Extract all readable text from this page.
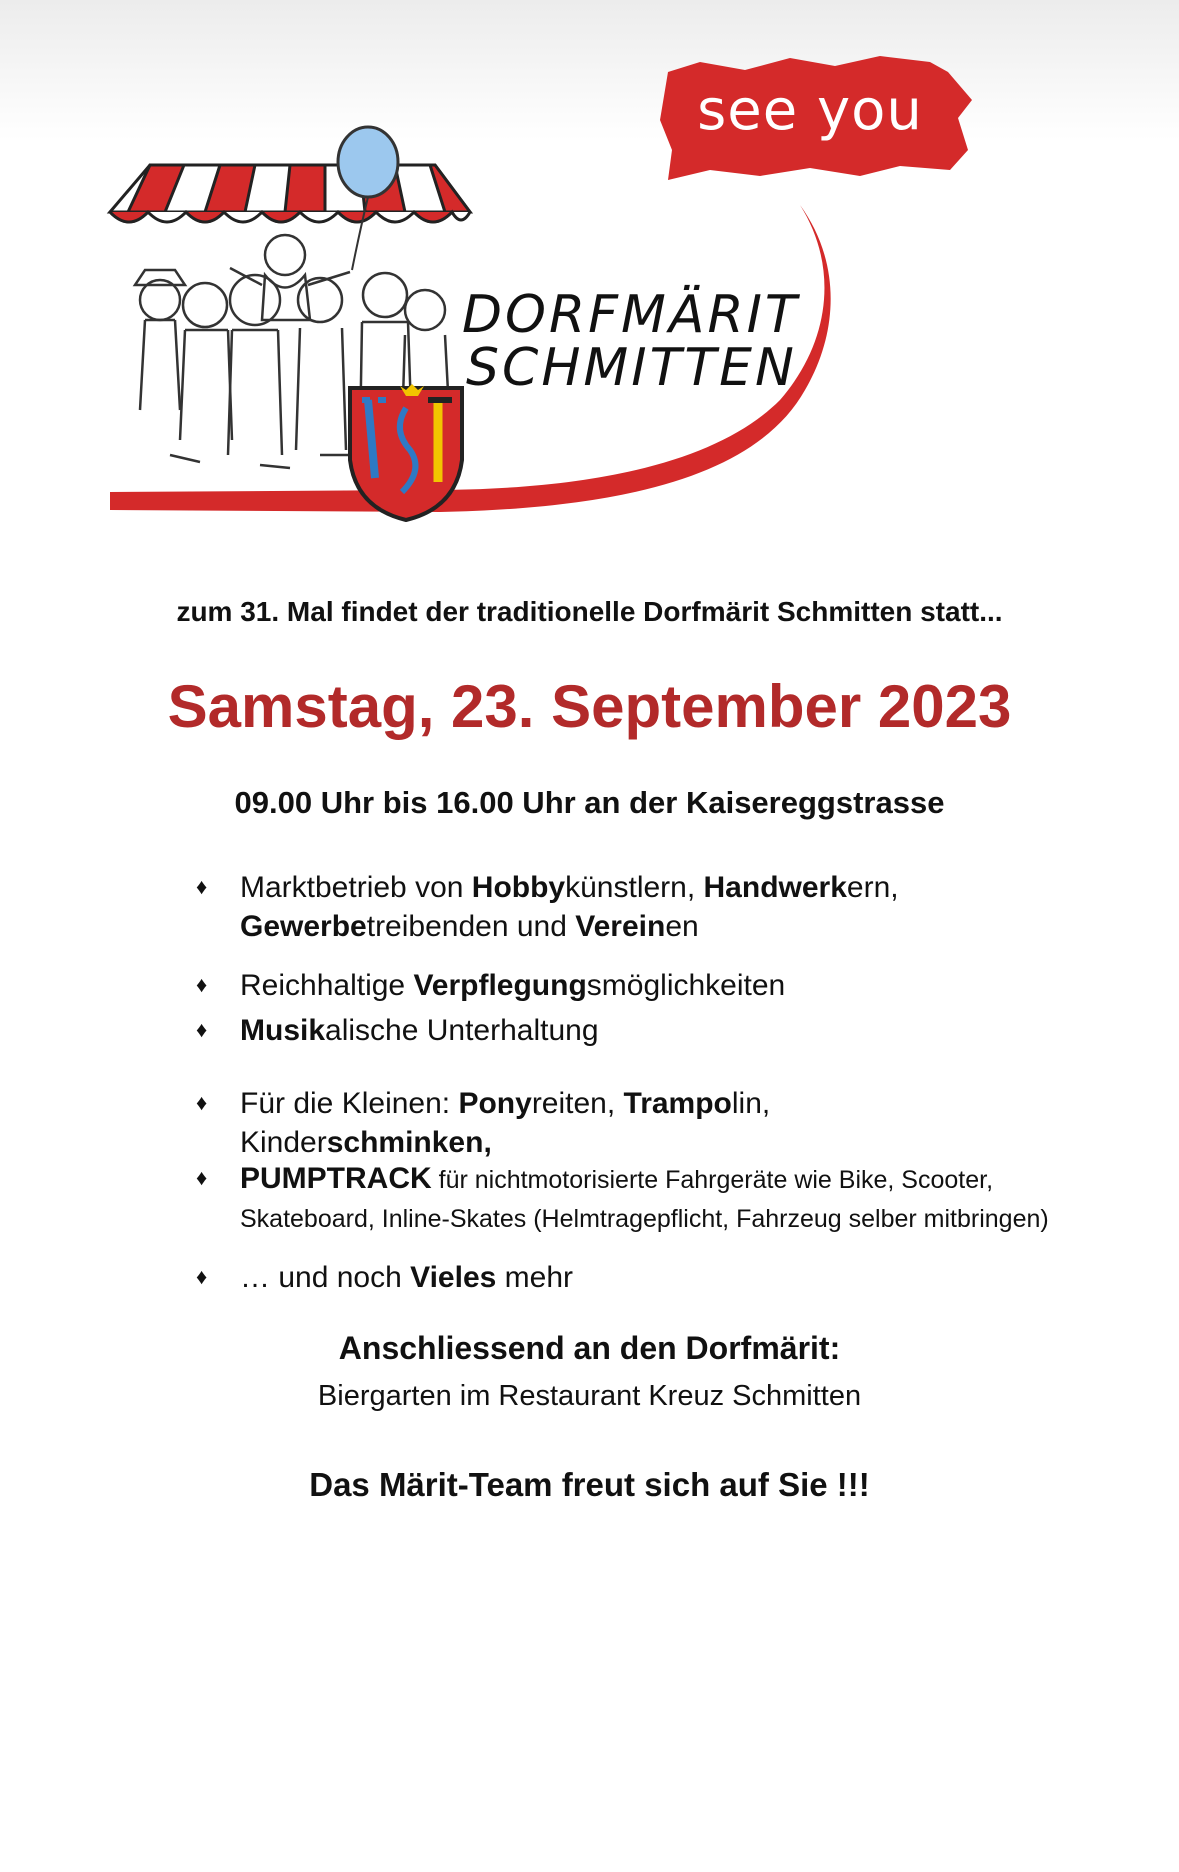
see you
DORFMÄRIT
SCHMITTEN
zum 31. Mal findet der traditionelle Dorfmärit Schmitten statt...
Samstag, 23. September 2023
09.00 Uhr bis 16.00 Uhr an der Kaisereggstrasse
♦ Marktbetrieb von Hobbykünstlern, Handwerkern,
Gewerbetreibenden und Vereinen
♦ Reichhaltige Verpflegungsmöglichkeiten
♦ Musikalische Unterhaltung
♦ Für die Kleinen: Ponyreiten, Trampolin,
Kinderschminken,
♦ PUMPTRACK für nichtmotorisierte Fahrgeräte wie Bike, Scooter, Skateboard, Inline-Skates (Helmtragepflicht, Fahrzeug selber mitbringen)
♦ … und noch Vieles mehr
Anschliessend an den Dorfmärit:
Biergarten im Restaurant Kreuz Schmitten
Das Märit-Team freut sich auf Sie !!!
